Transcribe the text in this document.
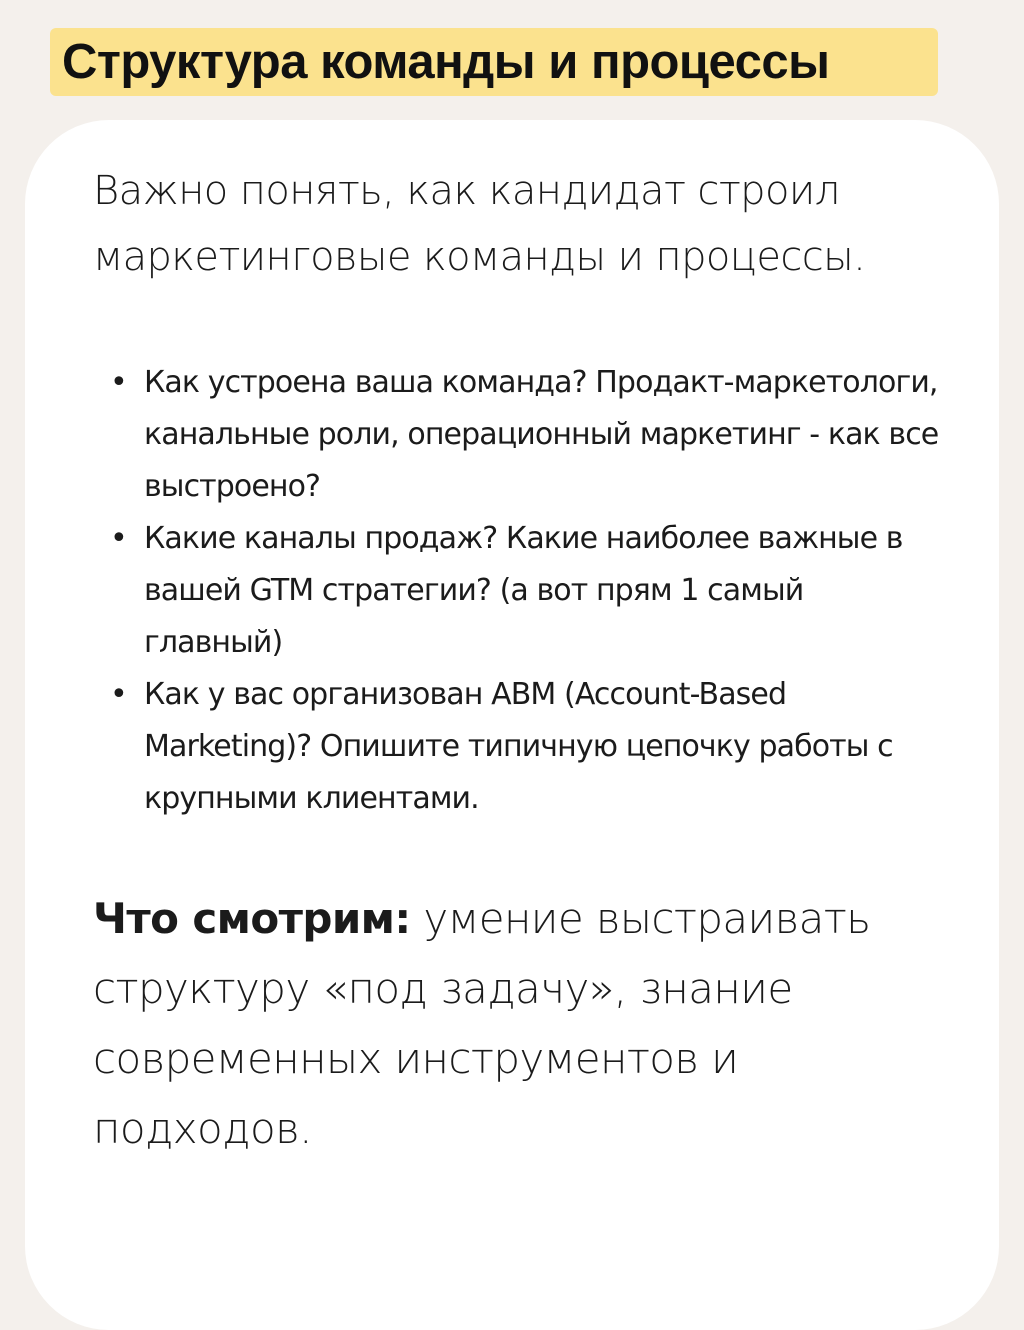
Структура команды и процессы

Важно понять, как кандидат строил маркетинговые команды и процессы.

• Как устроена ваша команда? Продакт-маркетологи, канальные роли, операционный маркетинг - как все выстроено?
• Какие каналы продаж? Какие наиболее важные в вашей GTM стратегии? (а вот прям 1 самый главный)
• Как у вас организован ABM (Account-Based Marketing)? Опишите типичную цепочку работы с крупными клиентами.

Что смотрим: умение выстраивать структуру «под задачу», знание современных инструментов и подходов.
